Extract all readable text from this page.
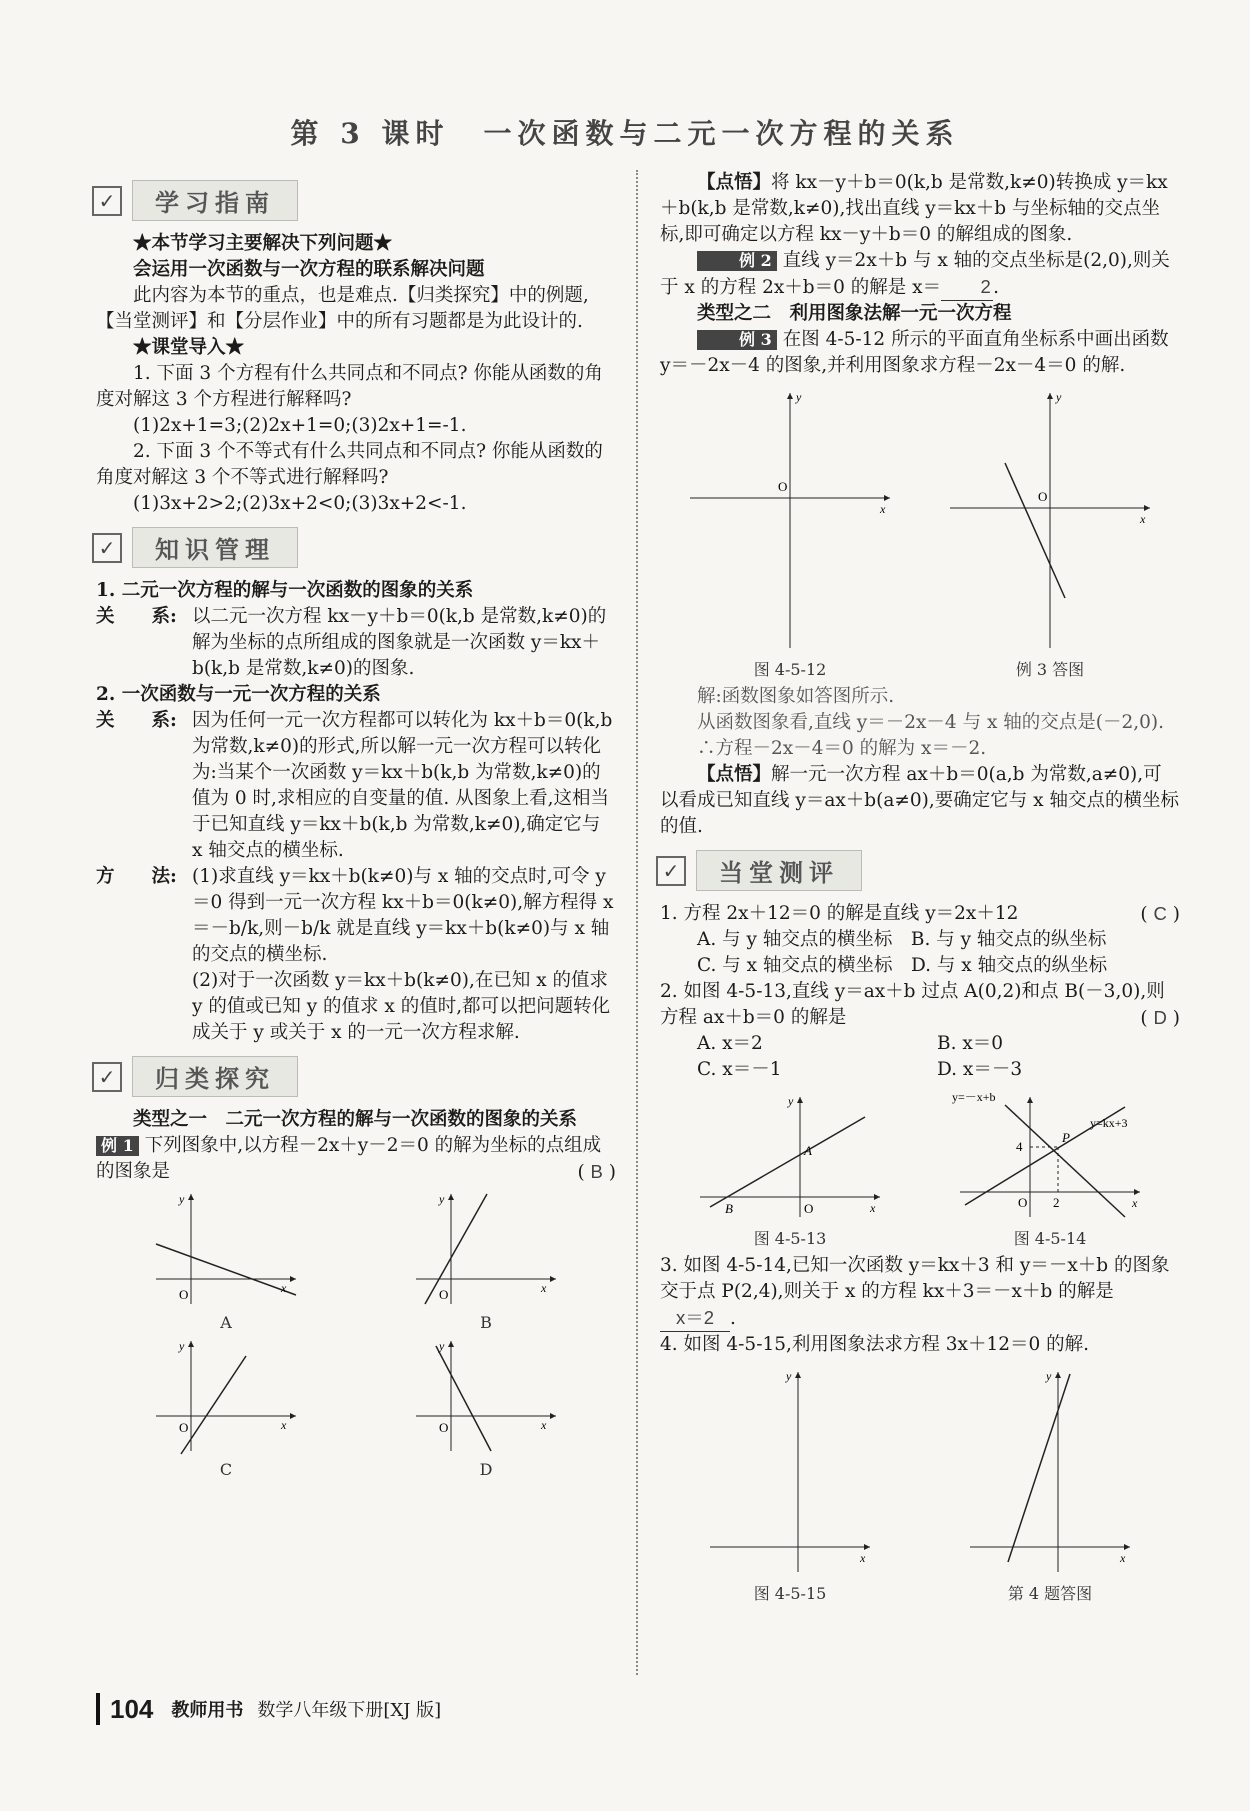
第 3 课时　一次函数与二元一次方程的关系
✓	学习指南

★本节学习主要解决下列问题★

会运用一次函数与一次方程的联系解决问题

此内容为本节的重点，也是难点.【归类探究】中的例题,【当堂测评】和【分层作业】中的所有习题都是为此设计的.

★课堂导入★

1. 下面 3 个方程有什么共同点和不同点? 你能从函数的角度对解这 3 个方程进行解释吗?

(1)2x+1=3;(2)2x+1=0;(3)2x+1=-1.

2. 下面 3 个不等式有什么共同点和不同点? 你能从函数的角度对解这 3 个不等式进行解释吗?

(1)3x+2>2;(2)3x+2<0;(3)3x+2<-1.

✓	知识管理

1. 二元一次方程的解与一次函数的图象的关系

关　　系: 以二元一次方程 kx－y＋b＝0(k,b 是常数,k≠0)的解为坐标的点所组成的图象就是一次函数 y＝kx＋b(k,b 是常数,k≠0)的图象.

2. 一次函数与一元一次方程的关系

关　　系: 因为任何一元一次方程都可以转化为 kx＋b＝0(k,b 为常数,k≠0)的形式,所以解一元一次方程可以转化为:当某个一次函数 y＝kx＋b(k,b 为常数,k≠0)的值为 0 时,求相应的自变量的值. 从图象上看,这相当于已知直线 y＝kx＋b(k,b 为常数,k≠0),确定它与 x 轴交点的横坐标.

方　　法: (1)求直线 y＝kx＋b(k≠0)与 x 轴的交点时,可令 y＝0 得到一元一次方程 kx＋b＝0(k≠0),解方程得 x＝－b/k,则－b/k 就是直线 y＝kx＋b(k≠0)与 x 轴的交点的横坐标.

(2)对于一次函数 y＝kx＋b(k≠0),在已知 x 的值求 y 的值或已知 y 的值求 x 的值时,都可以把问题转化成关于 y 或关于 x 的一元一次方程求解.

✓	归类探究

类型之一　二元一次方程的解与一次函数的图象的关系

例 1 下列图象中,以方程－2x＋y－2＝0 的解为坐标的点组成的图象是	( B )

O	x
y
A
O	x
y
B
O	x
y
C
O	x
y
D

【点悟】将 kx－y＋b＝0(k,b 是常数,k≠0)转换成 y＝kx＋b(k,b 是常数,k≠0),找出直线 y＝kx＋b 与坐标轴的交点坐标,即可确定以方程 kx－y＋b＝0 的解组成的图象.

例 2 直线 y＝2x＋b 与 x 轴的交点坐标是(2,0),则关于 x 的方程 2x＋b＝0 的解是 x＝ 2 .

类型之二　利用图象法解一元一次方程

例 3 在图 4-5-12 所示的平面直角坐标系中画出函数 y＝－2x－4 的图象,并利用图象求方程－2x－4＝0 的解.

O
x
y
图 4-5-12
O
x
y
例 3 答图

解:函数图象如答图所示.

从函数图象看,直线 y＝－2x－4 与 x 轴的交点是(－2,0).

∴方程－2x－4＝0 的解为 x＝－2.

【点悟】解一元一次方程 ax＋b＝0(a,b 为常数,a≠0),可以看成已知直线 y＝ax＋b(a≠0),要确定它与 x 轴交点的横坐标的值.

✓	当堂测评

1. 方程 2x＋12＝0 的解是直线 y＝2x＋12	( C )

A. 与 y 轴交点的横坐标　 B. 与 y 轴交点的纵坐标

C. 与 x 轴交点的横坐标　 D. 与 x 轴交点的纵坐标

2. 如图 4-5-13,直线 y＝ax＋b 过点 A(0,2)和点 B(－3,0),则方程 ax＋b＝0 的解是	( D )

A. x＝2	B. x＝0

C. x＝－1	D. x＝－3

A
B	O	x
y
图 4-5-13
P
4
2
O	x
y=－x+b
y=kx+3
图 4-5-14

3. 如图 4-5-14,已知一次函数 y＝kx＋3 和 y＝－x＋b 的图象交于点 P(2,4),则关于 x 的方程 kx＋3＝－x＋b 的解是x＝2 .

4. 如图 4-5-15,利用图象法求方程 3x＋12＝0 的解.

x
y
图 4-5-15
x
y
第 4 题答图
104 教师用书 数学八年级下册[XJ 版]
